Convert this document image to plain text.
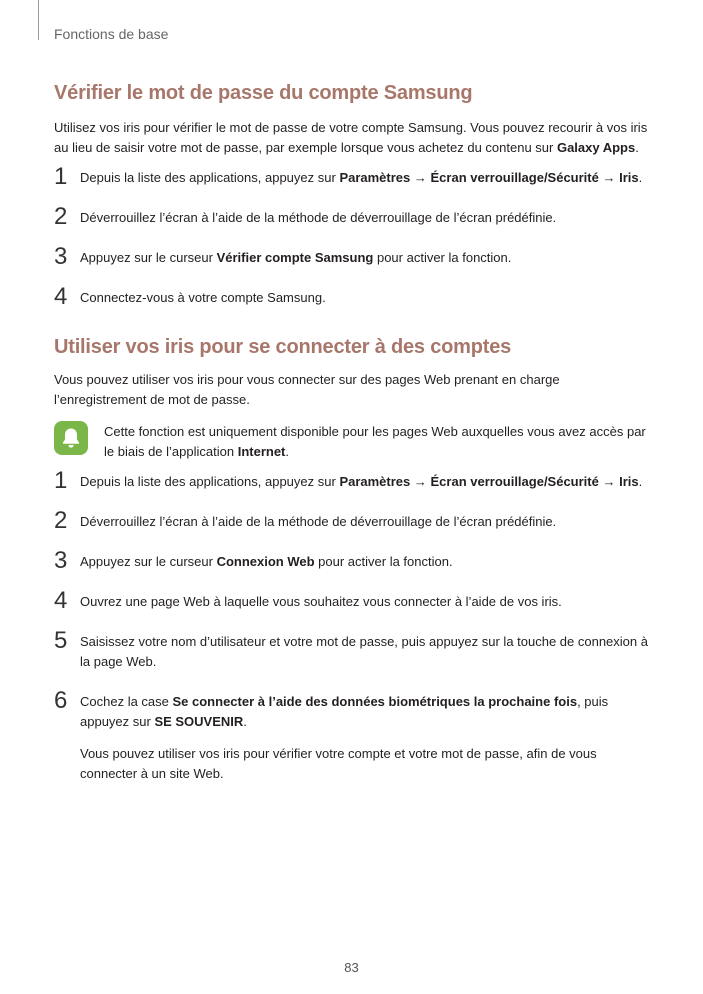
Fonctions de base
Vérifier le mot de passe du compte Samsung

Utilisez vos iris pour vérifier le mot de passe de votre compte Samsung. Vous pouvez recourir à vos iris au lieu de saisir votre mot de passe, par exemple lorsque vous achetez du contenu sur Galaxy Apps.

1 Depuis la liste des applications, appuyez sur Paramètres → Écran verrouillage/Sécurité → Iris.
2 Déverrouillez l’écran à l’aide de la méthode de déverrouillage de l’écran prédéfinie.
3 Appuyez sur le curseur Vérifier compte Samsung pour activer la fonction.
4 Connectez-vous à votre compte Samsung.
Utiliser vos iris pour se connecter à des comptes

Vous pouvez utiliser vos iris pour vous connecter sur des pages Web prenant en charge l’enregistrement de mot de passe.

Cette fonction est uniquement disponible pour les pages Web auxquelles vous avez accès par le biais de l’application Internet.
1 Depuis la liste des applications, appuyez sur Paramètres → Écran verrouillage/Sécurité → Iris.
2 Déverrouillez l’écran à l’aide de la méthode de déverrouillage de l’écran prédéfinie.
3 Appuyez sur le curseur Connexion Web pour activer la fonction.
4 Ouvrez une page Web à laquelle vous souhaitez vous connecter à l’aide de vos iris.
5 Saisissez votre nom d’utilisateur et votre mot de passe, puis appuyez sur la touche de connexion à la page Web.
6 Cochez la case Se connecter à l’aide des données biométriques la prochaine fois, puis appuyez sur SE SOUVENIR.

Vous pouvez utiliser vos iris pour vérifier votre compte et votre mot de passe, afin de vous connecter à un site Web.

83
